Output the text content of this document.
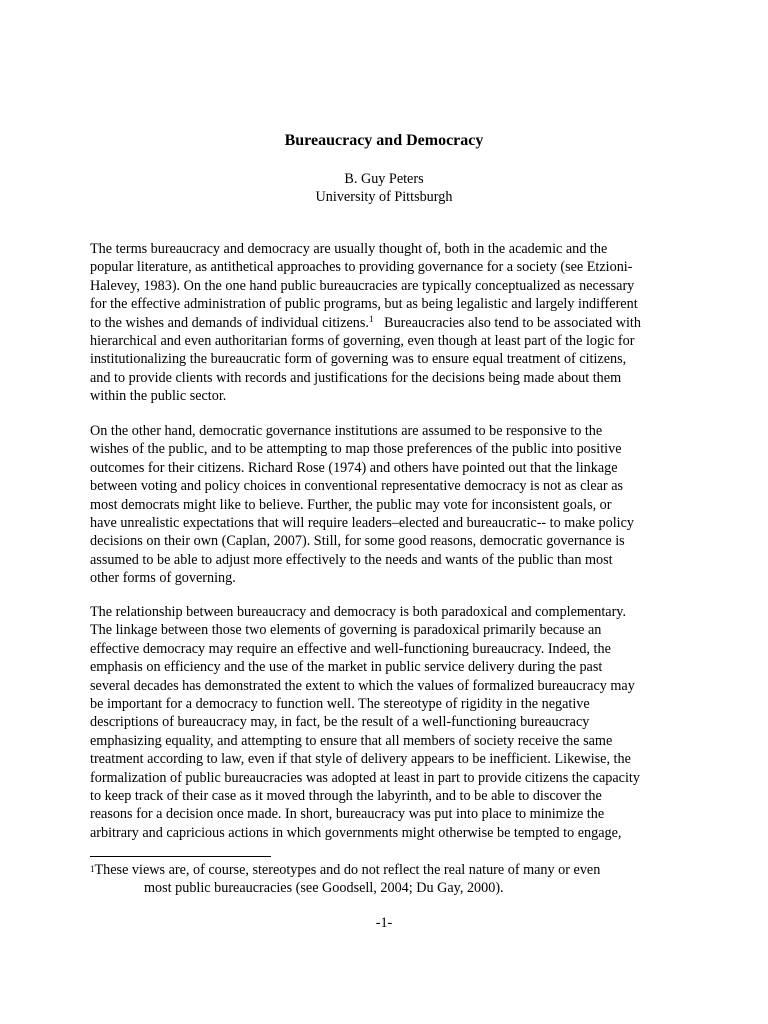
Bureaucracy and Democracy
B. Guy Peters
University of Pittsburgh
The terms bureaucracy and democracy are usually thought of, both in the academic and the
popular literature, as antithetical approaches to providing governance for a society (see Etzioni-
Halevey, 1983). On the one hand public bureaucracies are typically conceptualized as necessary
for the effective administration of public programs, but as being legalistic and largely indifferent
to the wishes and demands of individual citizens.$^1$   Bureaucracies also tend to be associated with
hierarchical and even authoritarian forms of governing, even though at least part of the logic for
institutionalizing the bureaucratic form of governing was to ensure equal treatment of citizens,
and to provide clients with records and justifications for the decisions being made about them
within the public sector.
On the other hand, democratic governance institutions are assumed to be responsive to the
wishes of the public, and to be attempting to map those preferences of the public into positive
outcomes for their citizens. Richard Rose (1974) and others have pointed out that the linkage
between voting and policy choices in conventional representative democracy is not as clear as
most democrats might like to believe. Further, the public may vote for inconsistent goals, or
have unrealistic expectations that will require leaders–elected and bureaucratic-- to make policy
decisions on their own (Caplan, 2007). Still, for some good reasons, democratic governance is
assumed to be able to adjust more effectively to the needs and wants of the public than most
other forms of governing.
The relationship between bureaucracy and democracy is both paradoxical and complementary.
The linkage between those two elements of governing is paradoxical primarily because an
effective democracy may require an effective and well-functioning bureaucracy. Indeed, the
emphasis on efficiency and the use of the market in public service delivery during the past
several decades has demonstrated the extent to which the values of formalized bureaucracy may
be important for a democracy to function well. The stereotype of rigidity in the negative
descriptions of bureaucracy may, in fact, be the result of a well-functioning bureaucracy
emphasizing equality, and attempting to ensure that all members of society receive the same
treatment according to law, even if that style of delivery appears to be inefficient. Likewise, the
formalization of public bureaucracies was adopted at least in part to provide citizens the capacity
to keep track of their case as it moved through the labyrinth, and to be able to discover the
reasons for a decision once made. In short, bureaucracy was put into place to minimize the
arbitrary and capricious actions in which governments might otherwise be tempted to engage,
$^1$These views are, of course, stereotypes and do not reflect the real nature of many or even
most public bureaucracies (see Goodsell, 2004; Du Gay, 2000).
-1-
